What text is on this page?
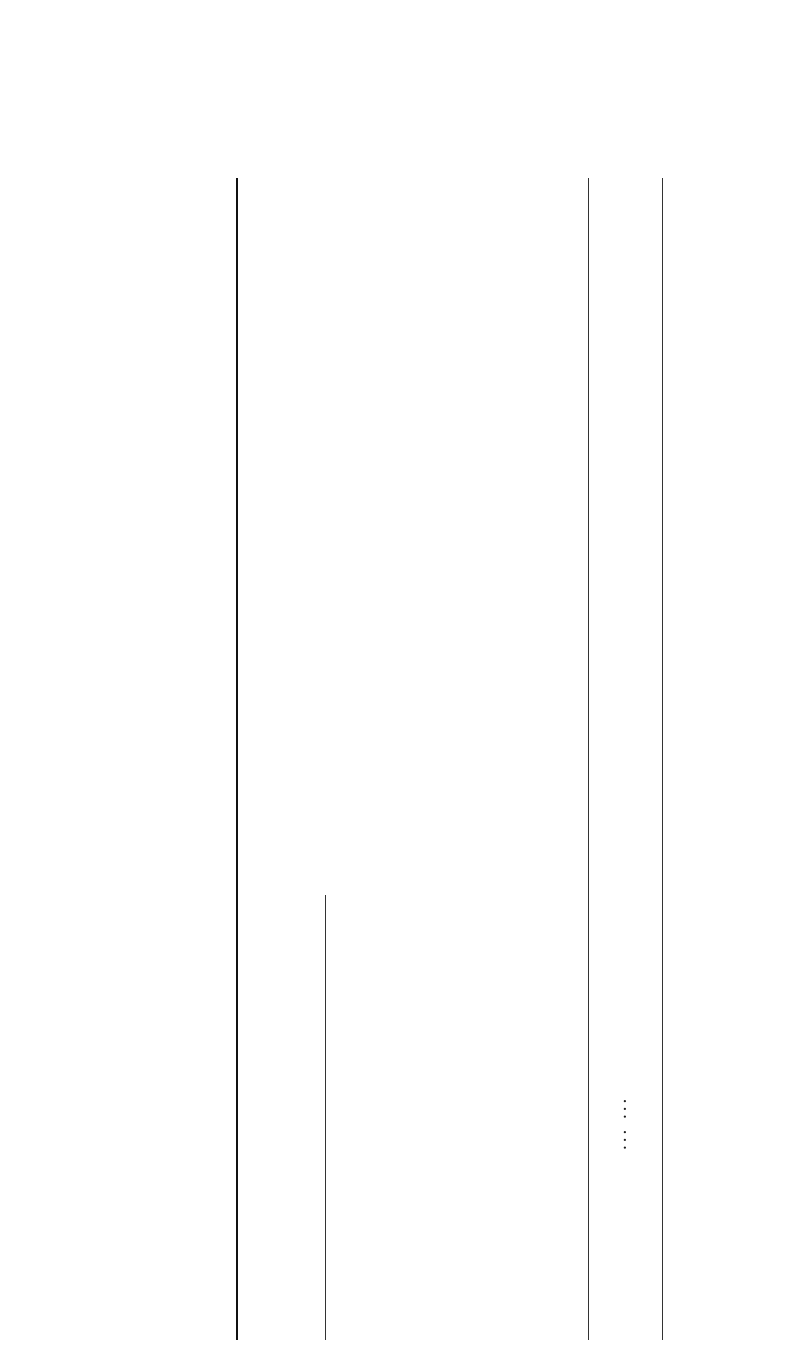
... ...
